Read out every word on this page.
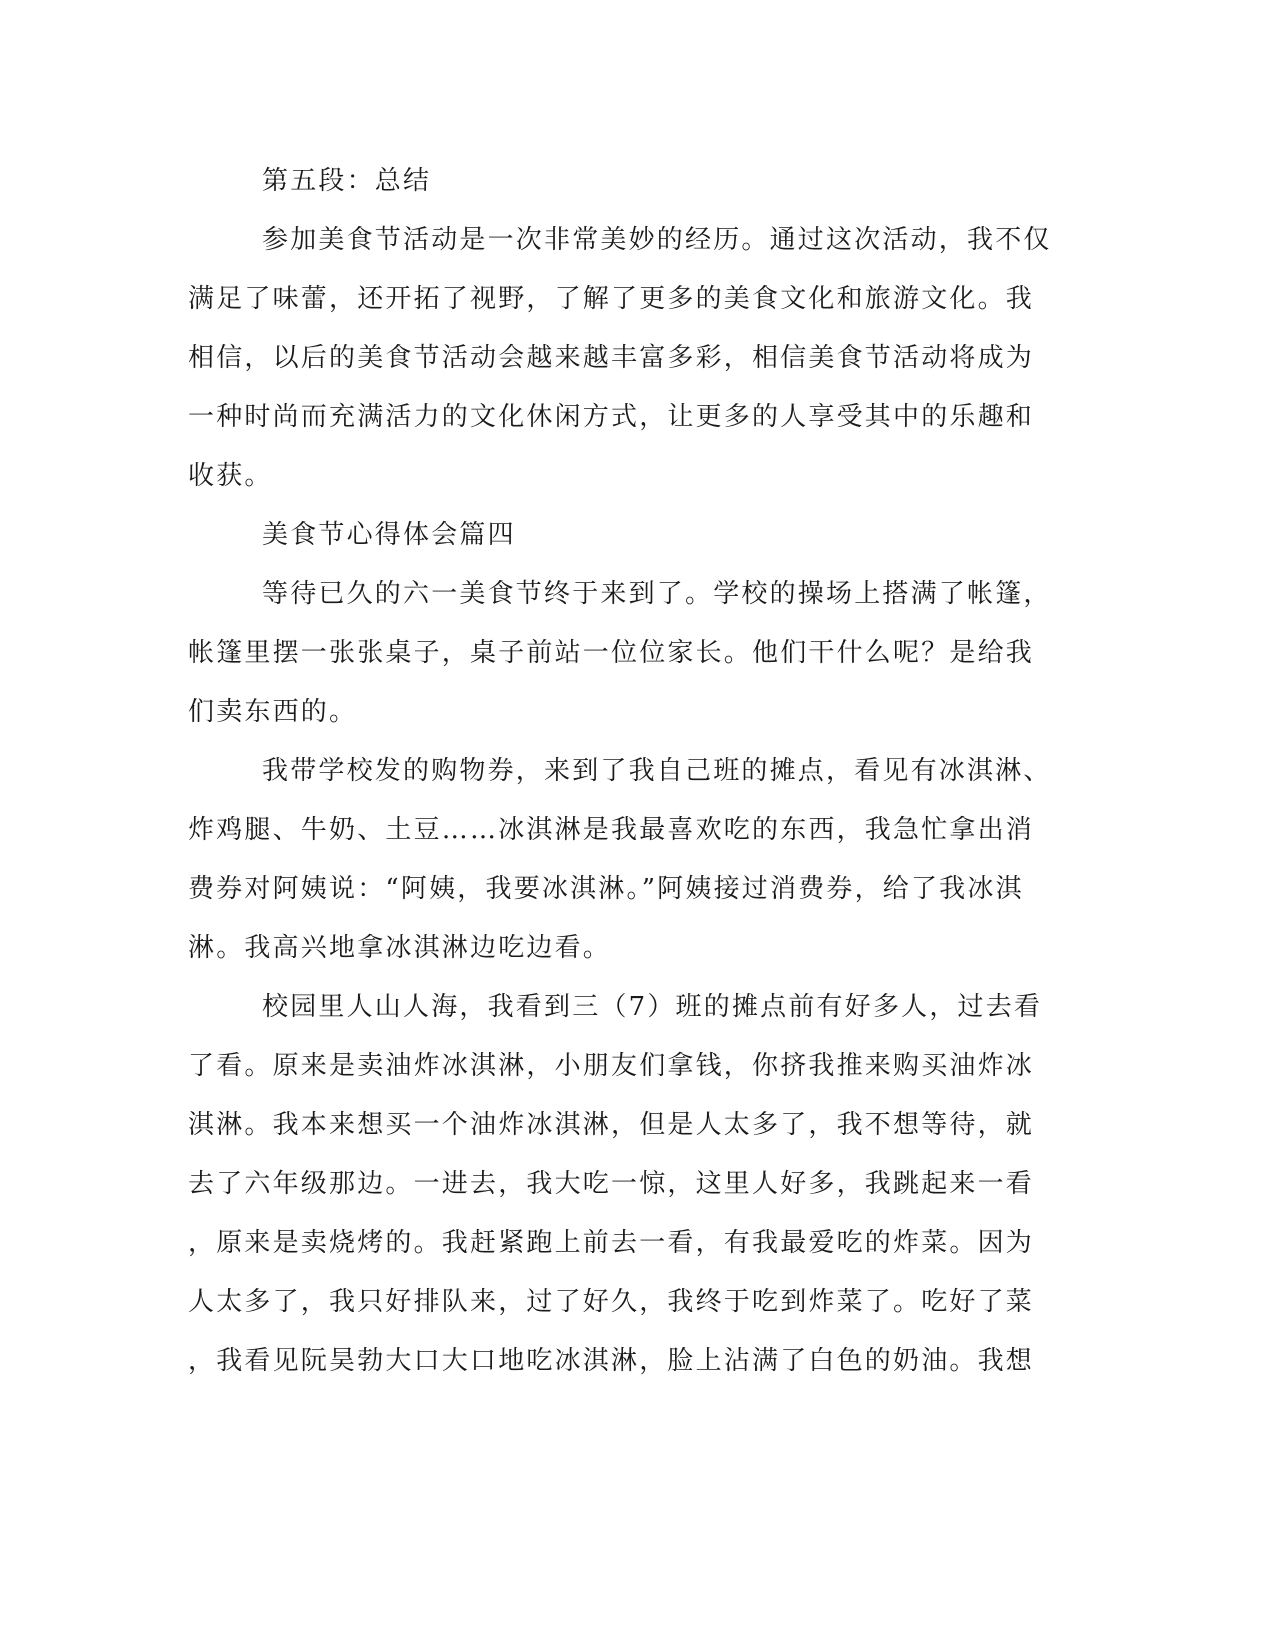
第五段：总结
参加美食节活动是一次非常美妙的经历。通过这次活动，我不仅
满足了味蕾，还开拓了视野，了解了更多的美食文化和旅游文化。我
相信，以后的美食节活动会越来越丰富多彩，相信美食节活动将成为
一种时尚而充满活力的文化休闲方式，让更多的人享受其中的乐趣和
收获。
美食节心得体会篇四
等待已久的六一美食节终于来到了。学校的操场上搭满了帐篷，
帐篷里摆一张张桌子，桌子前站一位位家长。他们干什么呢？是给我
们卖东西的。
我带学校发的购物券，来到了我自己班的摊点，看见有冰淇淋、
炸鸡腿、牛奶、土豆……冰淇淋是我最喜欢吃的东西，我急忙拿出消
费券对阿姨说：“阿姨，我要冰淇淋。”阿姨接过消费券，给了我冰淇
淋。我高兴地拿冰淇淋边吃边看。
校园里人山人海，我看到三（7）班的摊点前有好多人，过去看
了看。原来是卖油炸冰淇淋，小朋友们拿钱，你挤我推来购买油炸冰
淇淋。我本来想买一个油炸冰淇淋，但是人太多了，我不想等待，就
去了六年级那边。一进去，我大吃一惊，这里人好多，我跳起来一看
，原来是卖烧烤的。我赶紧跑上前去一看，有我最爱吃的炸菜。因为
人太多了，我只好排队来，过了好久，我终于吃到炸菜了。吃好了菜
，我看见阮昊勃大口大口地吃冰淇淋，脸上沾满了白色的奶油。我想
